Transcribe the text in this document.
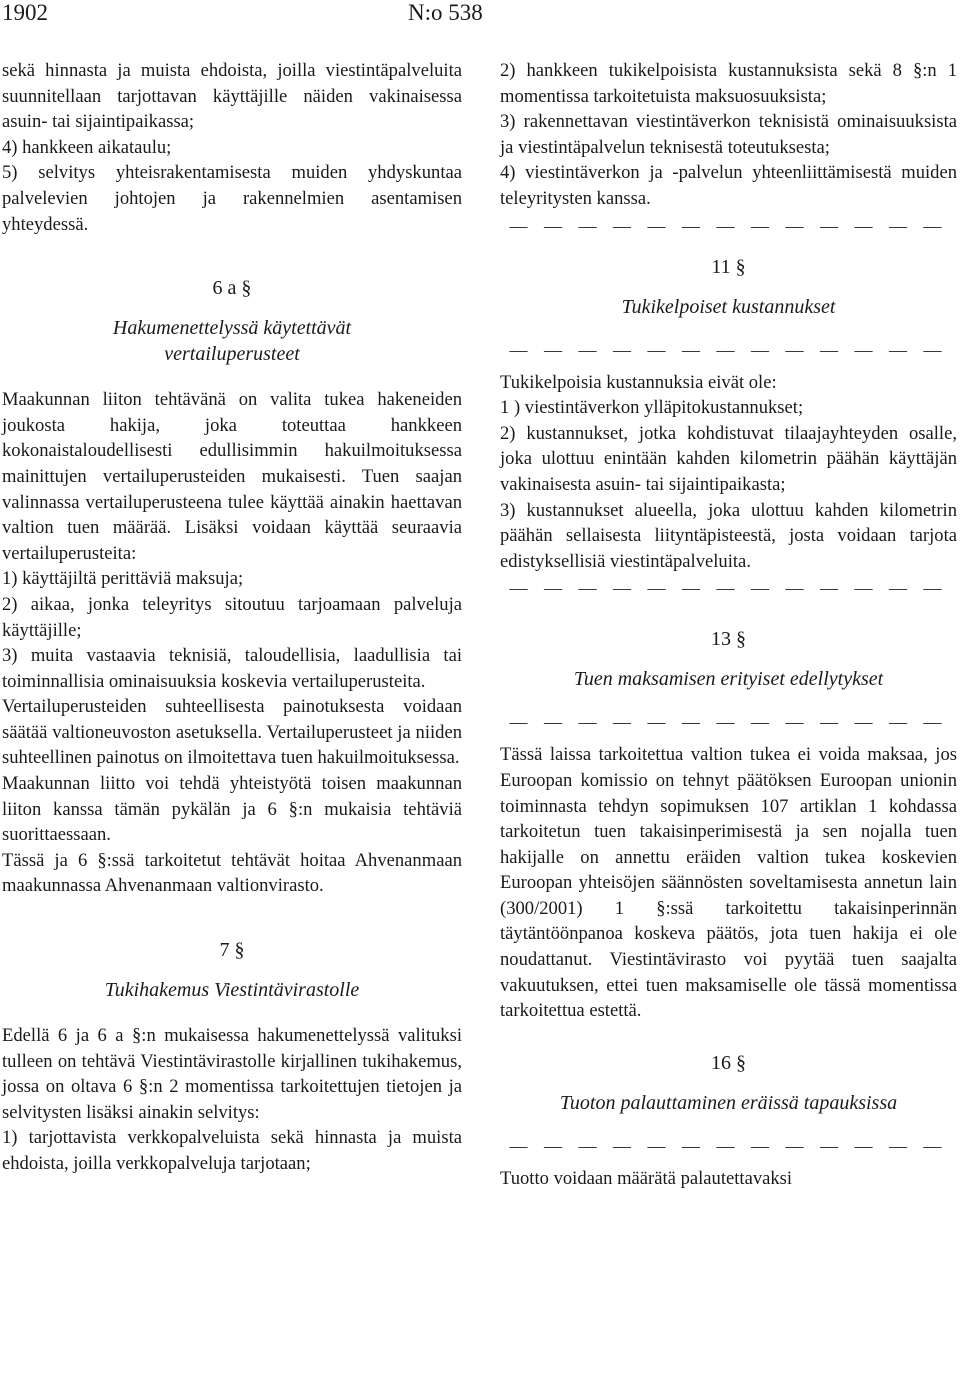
1902	N:o 538

sekä hinnasta ja muista ehdoista, joilla viestintäpalveluita suunnitellaan tarjottavan käyttäjille näiden vakinaisessa asuin- tai sijaintipaikassa;

4) hankkeen aikataulu;

5) selvitys yhteisrakentamisesta muiden yhdyskuntaa palvelevien johtojen ja rakennelmien asentamisen yhteydessä.

6 a §
Hakumenettelyssä käytettävät vertailuperusteet

Maakunnan liiton tehtävänä on valita tukea hakeneiden joukosta hakija, joka toteuttaa hankkeen kokonaistaloudellisesti edullisimmin hakuilmoituksessa mainittujen vertailuperusteiden mukaisesti. Tuen saajan valinnassa vertailuperusteena tulee käyttää ainakin haettavan valtion tuen määrää. Lisäksi voidaan käyttää seuraavia vertailuperusteita:

1) käyttäjiltä perittäviä maksuja;

2) aikaa, jonka teleyritys sitoutuu tarjoamaan palveluja käyttäjille;

3) muita vastaavia teknisiä, taloudellisia, laadullisia tai toiminnallisia ominaisuuksia koskevia vertailuperusteita.

Vertailuperusteiden suhteellisesta painotuksesta voidaan säätää valtioneuvoston asetuksella. Vertailuperusteet ja niiden suhteellinen painotus on ilmoitettava tuen hakuilmoituksessa.

Maakunnan liitto voi tehdä yhteistyötä toisen maakunnan liiton kanssa tämän pykälän ja 6 §:n mukaisia tehtäviä suorittaessaan.

Tässä ja 6 §:ssä tarkoitetut tehtävät hoitaa Ahvenanmaan maakunnassa Ahvenanmaan valtionvirasto.

7 §
Tukihakemus Viestintävirastolle

Edellä 6 ja 6 a §:n mukaisessa hakumenettelyssä valituksi tulleen on tehtävä Viestintävirastolle kirjallinen tukihakemus, jossa on oltava 6 §:n 2 momentissa tarkoitettujen tietojen ja selvitysten lisäksi ainakin selvitys:

1) tarjottavista verkkopalveluista sekä hinnasta ja muista ehdoista, joilla verkkopalveluja tarjotaan;

2) hankkeen tukikelpoisista kustannuksista sekä 8 §:n 1 momentissa tarkoitetuista maksuosuuksista;

3) rakennettavan viestintäverkon teknisistä ominaisuuksista ja viestintäpalvelun teknisestä toteutuksesta;

4) viestintäverkon ja -palvelun yhteenliittämisestä muiden teleyritysten kanssa.

— — — — — — — — — — — — —
11 §
Tukikelpoiset kustannukset
— — — — — — — — — — — — —

Tukikelpoisia kustannuksia eivät ole:

1 ) viestintäverkon ylläpitokustannukset;

2) kustannukset, jotka kohdistuvat tilaajayhteyden osalle, joka ulottuu enintään kahden kilometrin päähän käyttäjän vakinaisesta asuin- tai sijaintipaikasta;

3) kustannukset alueella, joka ulottuu kahden kilometrin päähän sellaisesta liityntäpisteestä, josta voidaan tarjota edistyksellisiä viestintäpalveluita.

— — — — — — — — — — — — —
13 §
Tuen maksamisen erityiset edellytykset
— — — — — — — — — — — — —

Tässä laissa tarkoitettua valtion tukea ei voida maksaa, jos Euroopan komissio on tehnyt päätöksen Euroopan unionin toiminnasta tehdyn sopimuksen 107 artiklan 1 kohdassa tarkoitetun tuen takaisinperimisestä ja sen nojalla tuen hakijalle on annettu eräiden valtion tukea koskevien Euroopan yhteisöjen säännösten soveltamisesta annetun lain (300/2001) 1 §:ssä tarkoitettu takaisinperinnän täytäntöönpanoa koskeva päätös, jota tuen hakija ei ole noudattanut. Viestintävirasto voi pyytää tuen saajalta vakuutuksen, ettei tuen maksamiselle ole tässä momentissa tarkoitettua estettä.

16 §
Tuoton palauttaminen eräissä tapauksissa
— — — — — — — — — — — — —

Tuotto voidaan määrätä palautettavaksi
